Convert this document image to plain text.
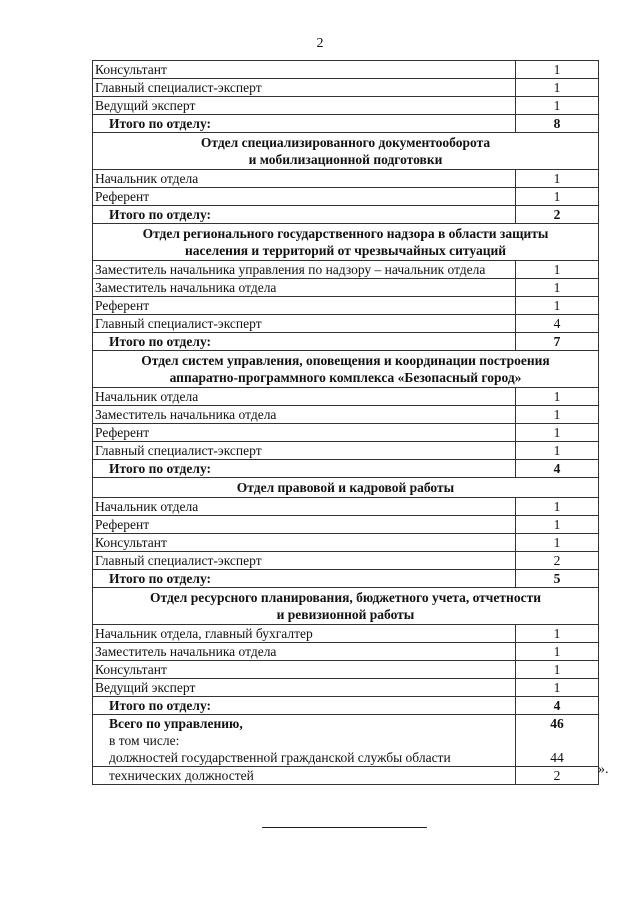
2
Консультант	1
Главный специалист-эксперт	1
Ведущий эксперт	1
Итого по отделу:	8

Отдел специализированного документооборота
и мобилизационной подготовки	

Начальник отдела	1
Референт	1
Итого по отделу:	2

Отдел регионального государственного надзора в области защиты
населения и территорий от чрезвычайных ситуаций	

Заместитель начальника управления по надзору – начальник отдела	1
Заместитель начальника отдела	1
Референт	1
Главный специалист-эксперт	4
Итого по отделу:	7

Отдел систем управления, оповещения и координации построения
аппаратно-программного комплекса «Безопасный город»	

Начальник отдела	1
Заместитель начальника отдела	1
Референт	1
Главный специалист-эксперт	1
Итого по отделу:	4

Отдел правовой и кадровой работы	

Начальник отдела	1
Референт	1
Консультант	1
Главный специалист-эксперт	2
Итого по отделу:	5

Отдел ресурсного планирования, бюджетного учета, отчетности
и ревизионной работы	

Начальник отдела, главный бухгалтер	1
Заместитель начальника отдела	1
Консультант	1
Ведущий эксперт	1
Итого по отделу:	4
Всего по управлению,	46
в том числе:	
должностей государственной гражданской службы области	44
технических должностей	2	».
